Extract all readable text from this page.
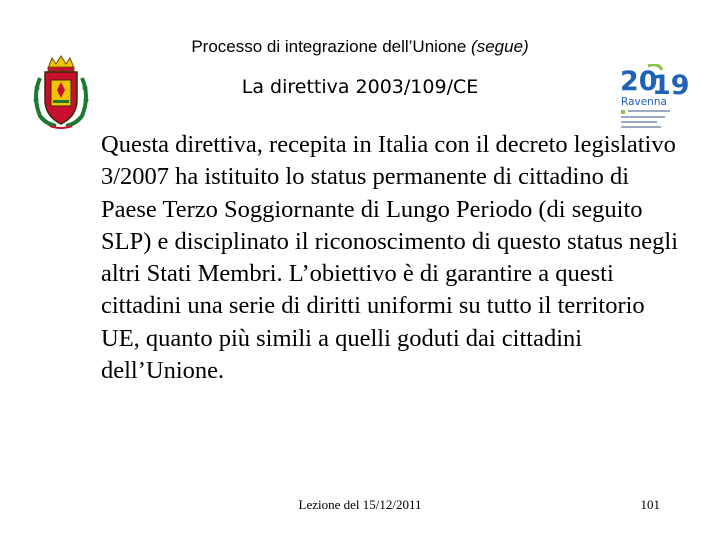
Processo di integrazione dell’Unione (segue)
La direttiva 2003/109/CE	20
19
Ravenna
Questa direttiva, recepita in Italia con il decreto legislativo 3/2007 ha istituito lo status permanente di cittadino di Paese Terzo Soggiornante di Lungo Periodo (di seguito SLP) e disciplinato il riconoscimento di questo status negli altri Stati Membri. L’obiettivo è di garantire a questi cittadini una serie di diritti uniformi su tutto il territorio UE, quanto più simili a quelli goduti dai cittadini dell’Unione.
Lezione del 15/12/2011	101
